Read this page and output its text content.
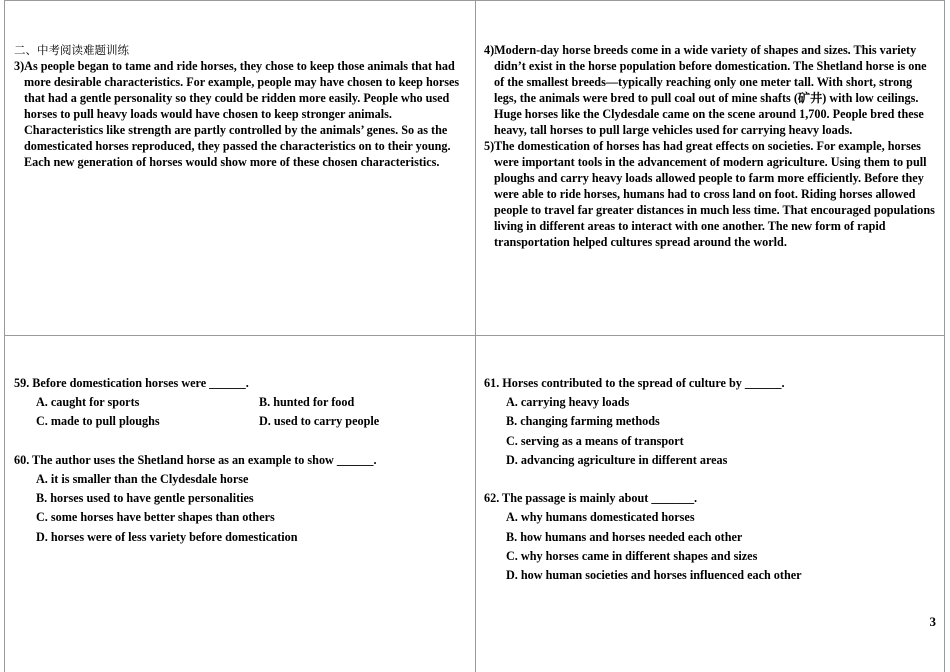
二、中考阅读难题训练

3)As people began to tame and ride horses, they chose to keep those animals that had more desirable characteristics. For example, people may have chosen to keep horses that had a gentle personality so they could be ridden more easily. People who used horses to pull heavy loads would have chosen to keep stronger animals. Characteristics like strength are partly controlled by the animals’ genes. So as the domesticated horses reproduced, they passed the characteristics on to their young. Each new generation of horses would show more of these chosen characteristics.

4)Modern-day horse breeds come in a wide variety of shapes and sizes. This variety didn’t exist in the horse population before domestication. The Shetland horse is one of the smallest breeds—typically reaching only one meter tall. With short, strong legs, the animals were bred to pull coal out of mine shafts (矿井) with low ceilings. Huge horses like the Clydesdale came on the scene around 1,700. People bred these heavy, tall horses to pull large vehicles used for carrying heavy loads.

5)The domestication of horses has had great effects on societies. For example, horses were important tools in the advancement of modern agriculture. Using them to pull ploughs and carry heavy loads allowed people to farm more efficiently. Before they were able to ride horses, humans had to cross land on foot. Riding horses allowed people to travel far greater distances in much less time. That encouraged populations living in different areas to interact with one another. The new form of rapid transportation helped cultures spread around the world.

59. Before domestication horses were ______.

A. caught for sports	B. hunted for food
C. made to pull ploughs	D. used to carry people

60. The author uses the Shetland horse as an example to show ______.

A. it is smaller than the Clydesdale horse

B. horses used to have gentle personalities

C. some horses have better shapes than others

D. horses were of less variety before domestication

61. Horses contributed to the spread of culture by ______.

A. carrying heavy loads

B. changing farming methods

C. serving as a means of transport

D. advancing agriculture in different areas

62. The passage is mainly about _______.

A. why humans domesticated horses

B. how humans and horses needed each other

C. why horses came in different shapes and sizes

D. how human societies and horses influenced each other

3
